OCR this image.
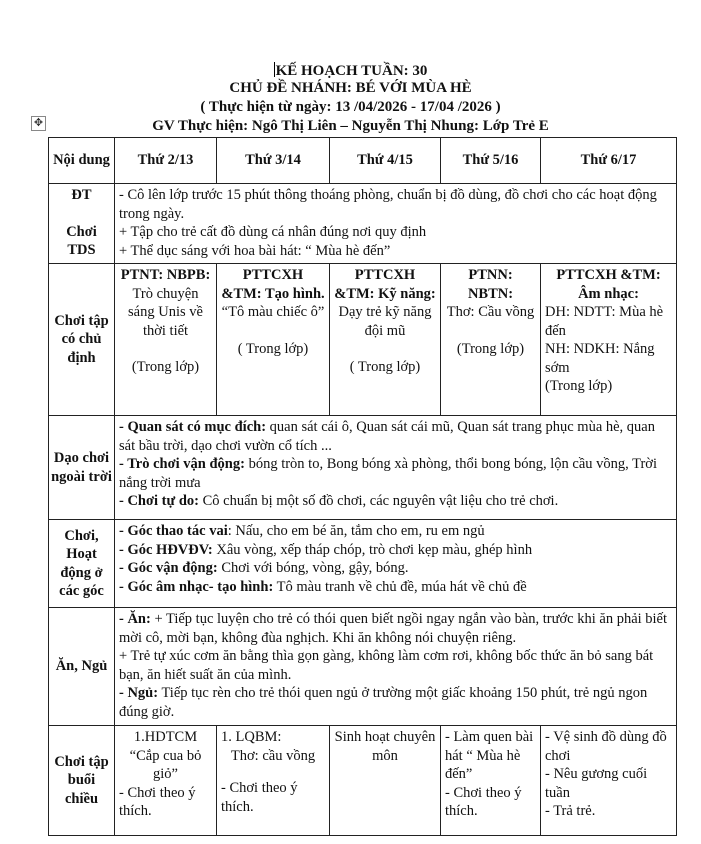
KẾ HOẠCH TUẦN: 30
CHỦ ĐỀ NHÁNH: BÉ VỚI MÙA HÈ
( Thực hiện từ ngày: 13 /04/2026 - 17/04 /2026 )
GV Thực hiện: Ngô Thị Liên – Nguyễn Thị Nhung: Lớp Trẻ E
✥
Nội dung	Thứ 2/13	Thứ 3/14	Thứ 4/15	Thứ 5/16	Thứ 6/17

ĐT
Chơi TDS	- Cô lên lớp trước 15 phút thông thoáng phòng, chuẩn bị đồ dùng, đồ chơi cho các hoạt động trong ngày.
+ Tập cho trẻ cất đồ dùng cá nhân đúng nơi quy định
+ Thể dục sáng với hoa bài hát: “ Mùa hè đến”				

Chơi tập có chủ định	PTNT: NBPB:
Trò chuyện sáng Unis về thời tiết
(Trong lớp)	PTTCXH &TM: Tạo hình.
“Tô màu chiếc ô”
( Trong lớp)	PTTCXH &TM: Kỹ năng:
Dạy trẻ kỹ năng đội mũ
( Trong lớp)	PTNN: NBTN:
Thơ: Cầu vồng
(Trong lớp)	PTTCXH &TM: Âm nhạc:
DH: NDTT: Mùa hè đến
NH: NDKH: Nắng sớm
(Trong lớp)

Dạo chơi ngoài trời	- Quan sát có mục đích: quan sát cái ô, Quan sát cái mũ, Quan sát trang phục mùa hè, quan sát bầu trời, dạo chơi vườn cổ tích ...
- Trò chơi vận động: bóng tròn to, Bong bóng xà phòng, thổi bong bóng, lộn cầu vồng, Trời nắng trời mưa
- Chơi tự do: Cô chuẩn bị một số đồ chơi, các nguyên vật liệu cho trẻ chơi.				

Chơi, Hoạt động ở các góc	- Góc thao tác vai: Nấu, cho em bé ăn, tắm cho em, ru em ngủ
- Góc HĐVĐV: Xâu vòng, xếp tháp chóp, trò chơi kẹp màu, ghép hình
- Góc vận động: Chơi với bóng, vòng, gậy, bóng.
- Góc âm nhạc- tạo hình: Tô màu tranh về chủ đề, múa hát về chủ đề				

Ăn, Ngủ	- Ăn: + Tiếp tục luyện cho trẻ có thói quen biết ngồi ngay ngắn vào bàn, trước khi ăn phải biết mời cô, mời bạn, không đùa nghịch. Khi ăn không nói chuyện riêng.
+ Trẻ tự xúc cơm ăn bằng thìa gọn gàng, không làm cơm rơi, không bốc thức ăn bỏ sang bát bạn, ăn hiết suất ăn của mình.
- Ngủ: Tiếp tục rèn cho trẻ thói quen ngủ ở trường một giấc khoảng 150 phút, trẻ ngủ ngon đúng giờ.				

Chơi tập buổi chiều	1.HDTCM
“Cắp cua bỏ giỏ”
- Chơi theo ý thích.	1. LQBM:
Thơ: cầu vồng
- Chơi theo ý thích.	Sinh hoạt chuyên môn	- Làm quen bài hát “ Mùa hè đến”
- Chơi theo ý thích.	- Vệ sinh đồ dùng đồ chơi
- Nêu gương cuối tuần
- Trả trẻ.
